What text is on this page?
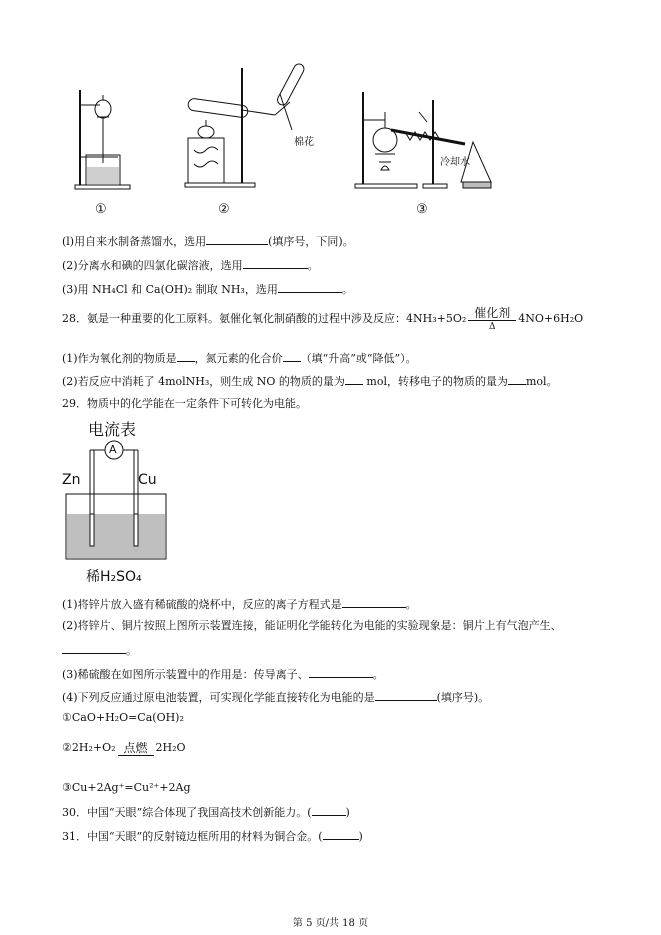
①
棉花
②
冷却水
③
(l)用自来水制备蒸馏水，选用	(填序号，下同)。
(2)分离水和碘的四氯化碳溶液，选用	。
(3)用 NH₄Cl 和 Ca(OH)₂ 制取 NH₃，选用	。
28．氨是一种重要的化工原料。氨催化氧化制硝酸的过程中涉及反应：$4NH_3+5O_2 \frac{\text{催化剂}}{\Delta} 4NO+6H_2O$
(1)作为氧化剂的物质是 ，氮元素的化合价 （填“升高”或“降低”）。
(2)若反应中消耗了 4molNH₃，则生成 NO 的物质的量为 mol，转移电子的物质的量为 mol。
29．物质中的化学能在一定条件下可转化为电能。
电流表
A
Zn	Cu
稀H₂SO₄
(1)将锌片放入盛有稀硫酸的烧杯中，反应的离子方程式是	。
(2)将锌片、铜片按照上图所示装置连接，能证明化学能转化为电能的实验现象是：铜片上有气泡产生、
。
(3)稀硫酸在如图所示装置中的作用是：传导离子、	。
(4)下列反应通过原电池装置，可实现化学能直接转化为电能的是	(填序号)。
①CaO+H₂O=Ca(OH)₂
②2H₂+O₂ 点燃 2H₂O
③Cu+2Ag⁺=Cu²⁺+2Ag
30．中国“天眼”综合体现了我国高技术创新能力。(	)
31．中国“天眼”的反射镜边框所用的材料为铜合金。(	)
第 5 页/共 18 页
